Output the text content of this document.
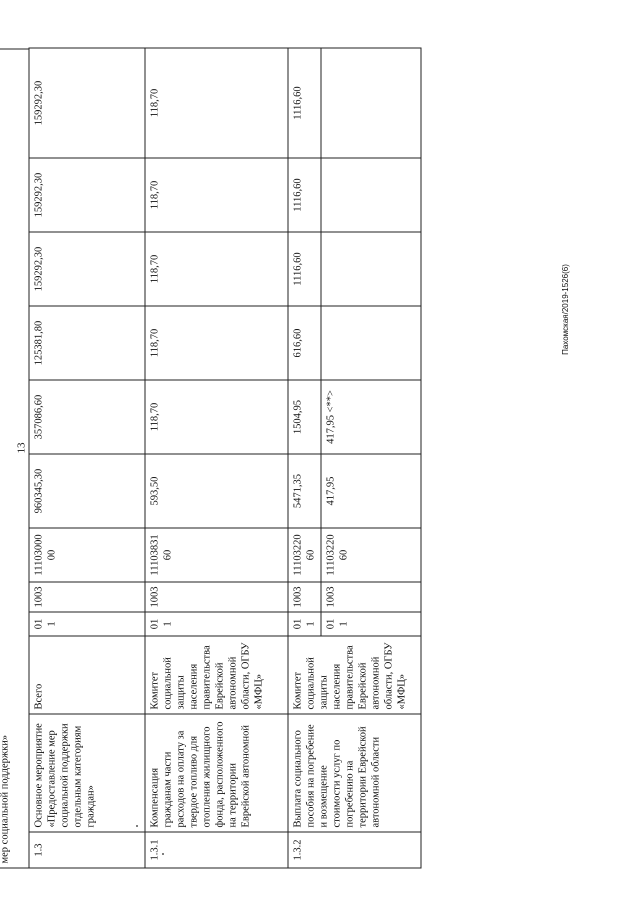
13
Пахомская/2019-1526(6)
мер социальной поддержки»
1.3	Основное мероприятие «Предоставление мер социальной поддержки отдельным категориям граждан»	Всего	011	1003	1110300000	960345,30	357086,60	125381,80	159292,30	159292,30	159292,30	
1.3.1	Компенсация гражданам части расходов на оплату за твердое топливо для отопления жилищного фонда, расположенного на территории Еврейской автономной	Комитет социальной защиты населения правительства Еврейской автономной области, ОГБУ «МФЦ»	011	1003	1110383160	593,50	118,70	118,70	118,70	118,70	118,70	
1.3.2	Выплата социального пособия на погребение и возмещение стоимости услуг по погребению на территории Еврейской автономной области	Комитет социальной защиты населения правительства Еврейской автономной области, ОГБУ «МФЦ»	011	1003	1110322060	5471,35	1504,95	616,60	1116,60	1116,60	1116,60	
			011	1003	1110322060	417,95	417,95 <**>					
